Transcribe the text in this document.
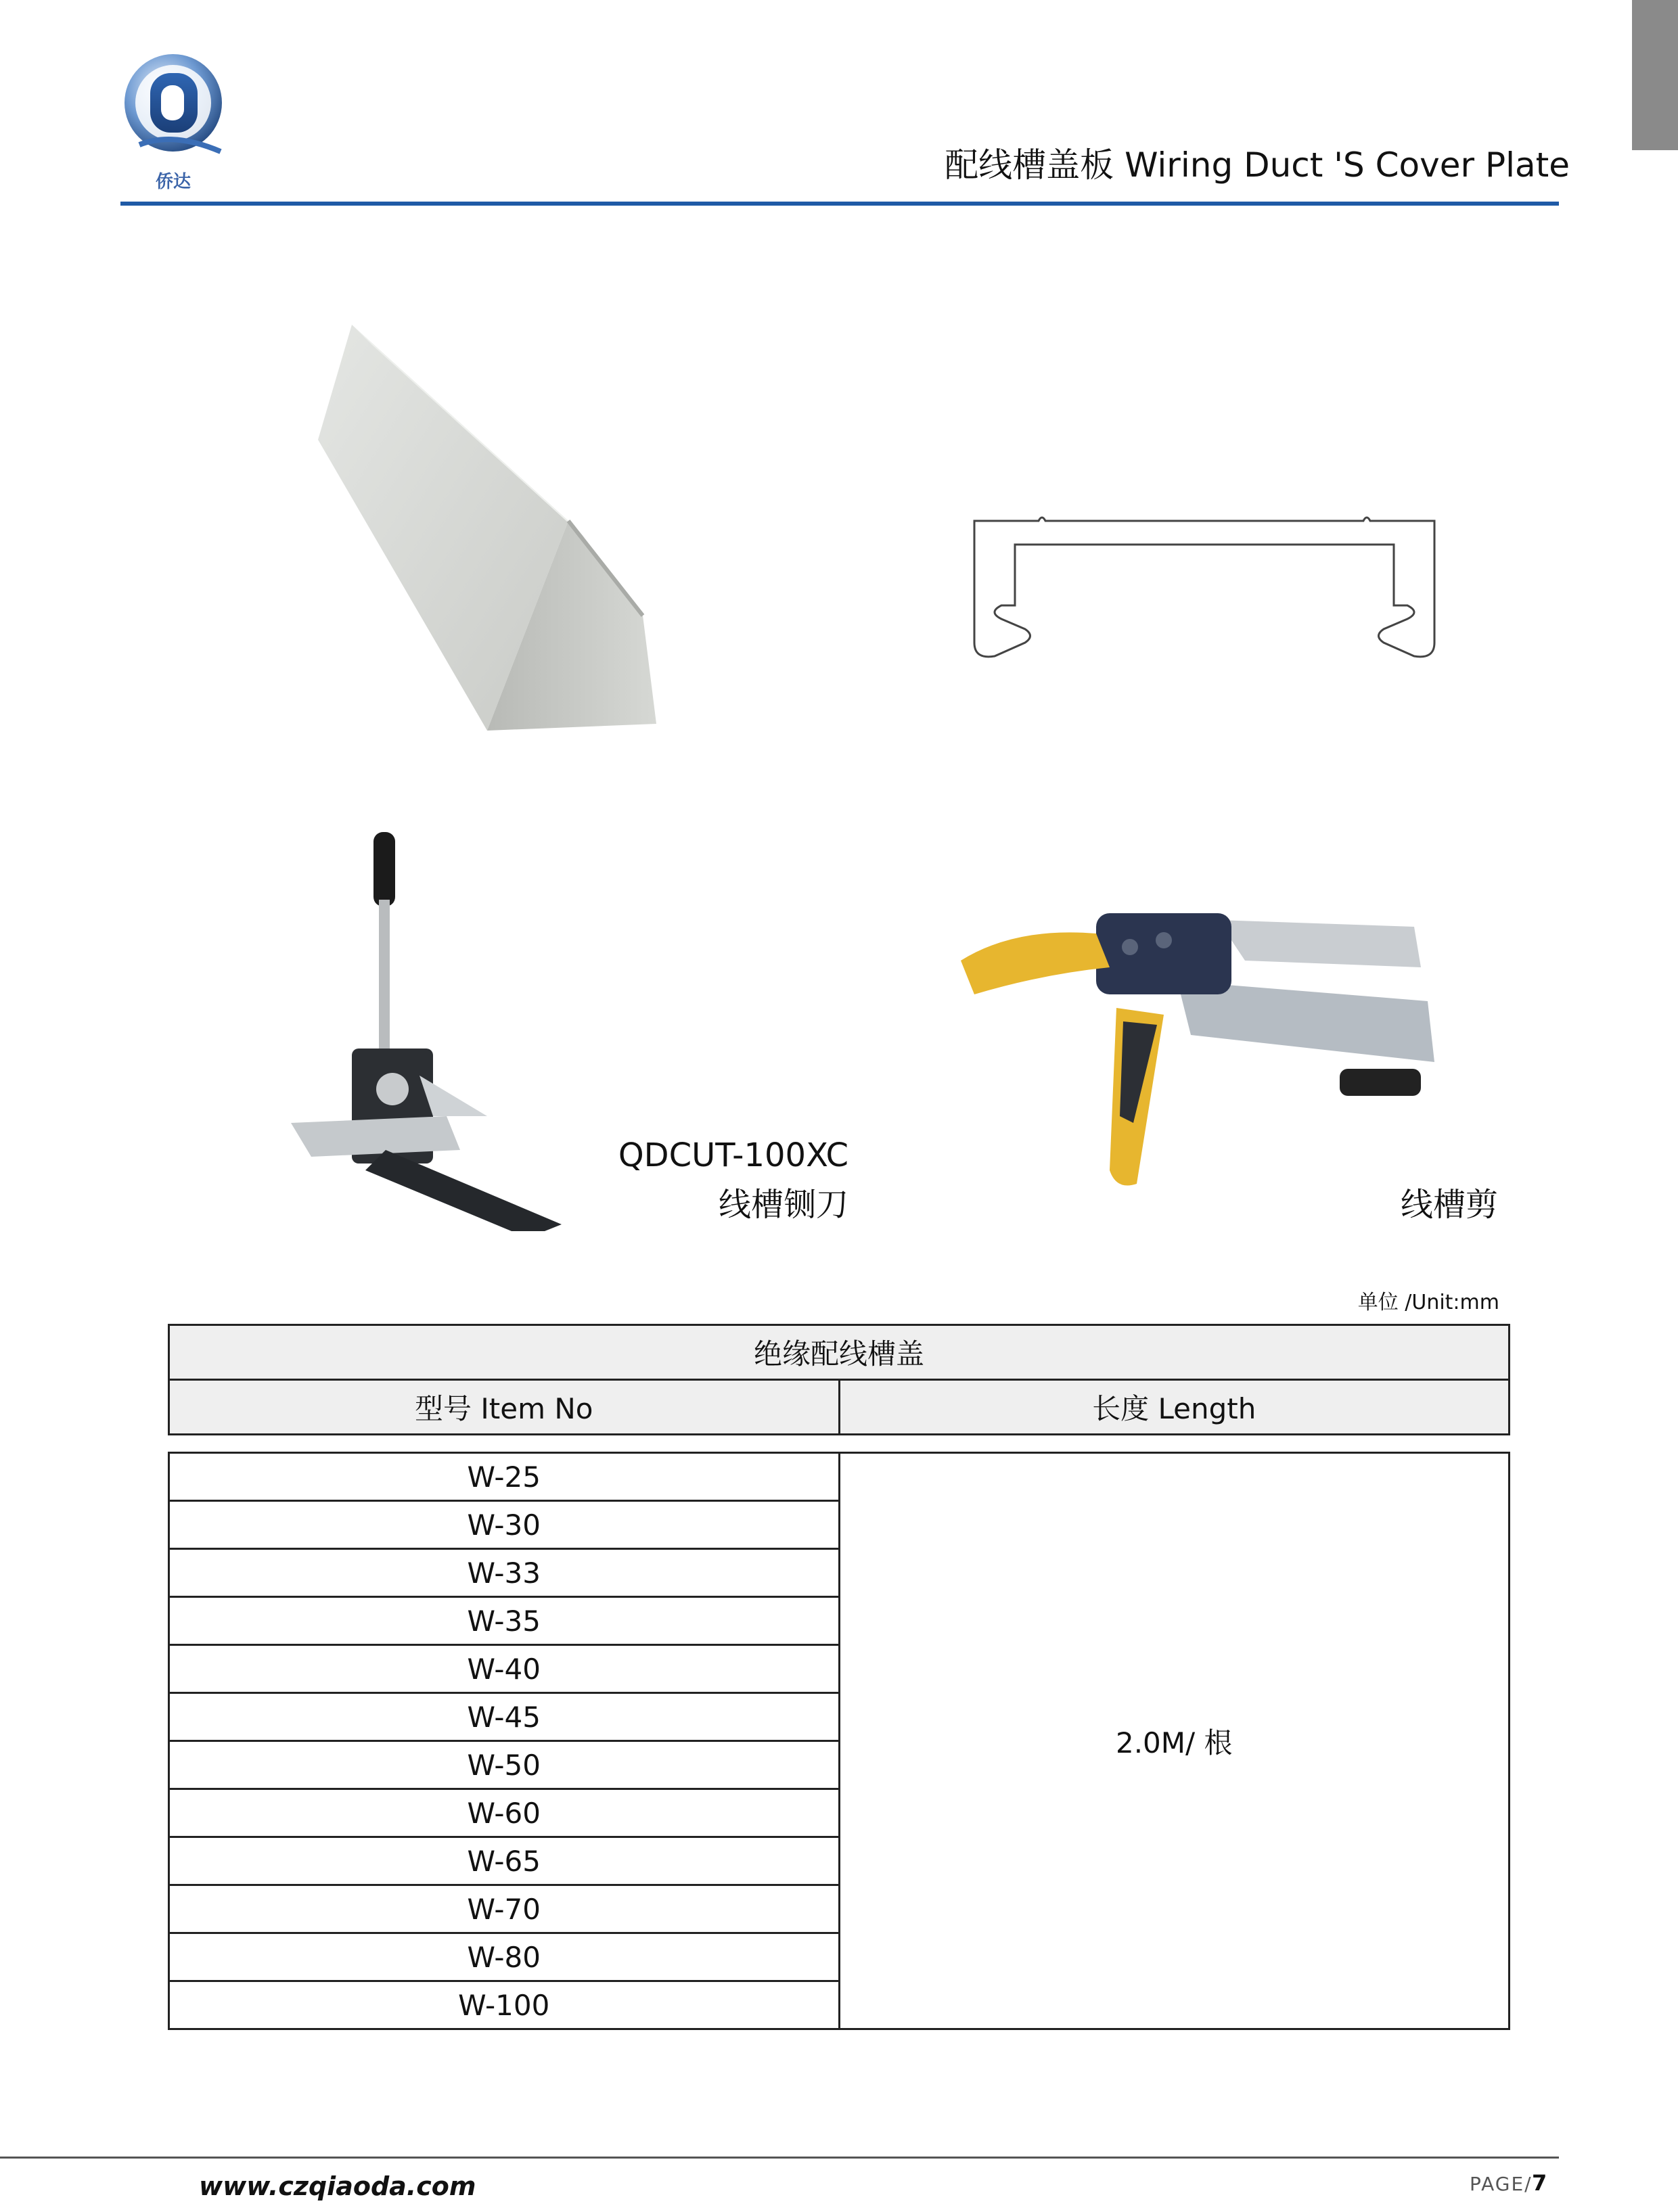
侨达	配线槽盖板 Wiring Duct 'S Cover Plate
QDCUT-100XC
线槽铡刀	线槽剪
单位 /Unit:mm
绝缘配线槽盖
型号 Item No	长度 Length
W-25	2.0M/ 根
W-30
W-33
W-35
W-40
W-45
W-50
W-60
W-65
W-70
W-80
W-100
www.czqiaoda.com	PAGE/ 7
